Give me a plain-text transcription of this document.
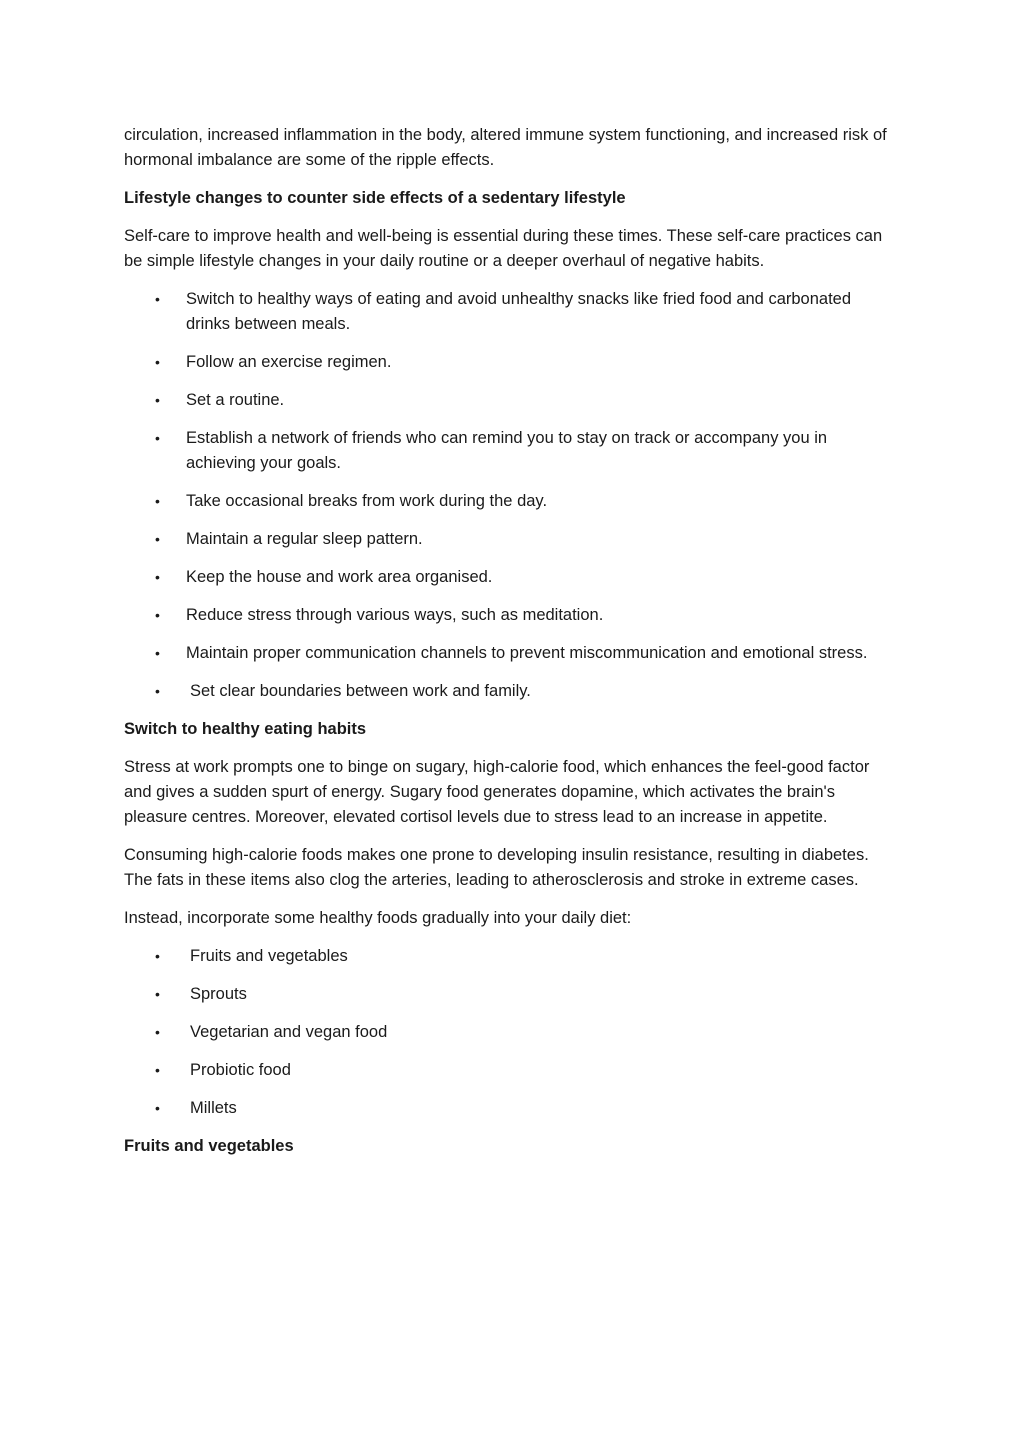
circulation, increased inflammation in the body, altered immune system functioning, and increased risk of hormonal imbalance are some of the ripple effects.

Lifestyle changes to counter side effects of a sedentary lifestyle

Self-care to improve health and well-being is essential during these times. These self-care practices can be simple lifestyle changes in your daily routine or a deeper overhaul of negative habits.

• Switch to healthy ways of eating and avoid unhealthy snacks like fried food and carbonated drinks between meals.
• Follow an exercise regimen.
• Set a routine.
• Establish a network of friends who can remind you to stay on track or accompany you in achieving your goals.
• Take occasional breaks from work during the day.
• Maintain a regular sleep pattern.
• Keep the house and work area organised.
• Reduce stress through various ways, such as meditation.
• Maintain proper communication channels to prevent miscommunication and emotional stress.
• Set clear boundaries between work and family.

Switch to healthy eating habits

Stress at work prompts one to binge on sugary, high-calorie food, which enhances the feel-good factor and gives a sudden spurt of energy. Sugary food generates dopamine, which activates the brain's pleasure centres. Moreover, elevated cortisol levels due to stress lead to an increase in appetite.

Consuming high-calorie foods makes one prone to developing insulin resistance, resulting in diabetes. The fats in these items also clog the arteries, leading to atherosclerosis and stroke in extreme cases.

Instead, incorporate some healthy foods gradually into your daily diet:

• Fruits and vegetables
• Sprouts
• Vegetarian and vegan food
• Probiotic food
• Millets

Fruits and vegetables
